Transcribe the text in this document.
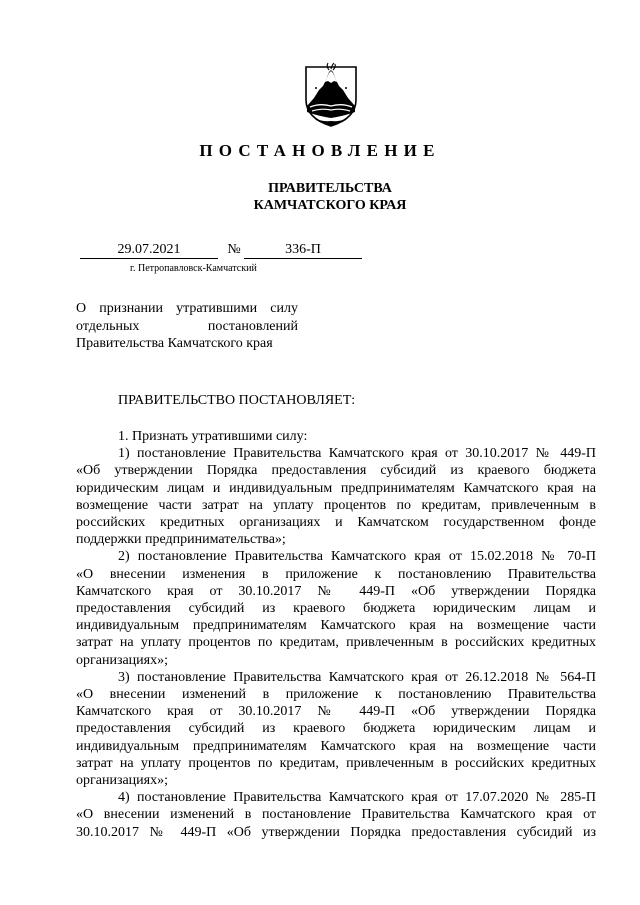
ПОСТАНОВЛЕНИЕ
ПРАВИТЕЛЬСТВА
КАМЧАТСКОГО КРАЯ
29.07.2021	№	336-П
г. Петропавловск-Камчатский
О признании утратившими силу
отдельных постановлений
Правительства Камчатского края
ПРАВИТЕЛЬСТВО ПОСТАНОВЛЯЕТ:
1. Признать утратившими силу:
1) постановление Правительства Камчатского края от 30.10.2017 № 449-П
«Об утверждении Порядка предоставления субсидий из краевого бюджета
юридическим лицам и индивидуальным предпринимателям Камчатского края на
возмещение части затрат на уплату процентов по кредитам, привлеченным в
российских кредитных организациях и Камчатском государственном фонде
поддержки предпринимательства»;
2) постановление Правительства Камчатского края от 15.02.2018 № 70-П
«О внесении изменения в приложение к постановлению Правительства
Камчатского края от 30.10.2017 № 449-П «Об утверждении Порядка
предоставления субсидий из краевого бюджета юридическим лицам и
индивидуальным предпринимателям Камчатского края на возмещение части
затрат на уплату процентов по кредитам, привлеченным в российских кредитных
организациях»;
3) постановление Правительства Камчатского края от 26.12.2018 № 564-П
«О внесении изменений в приложение к постановлению Правительства
Камчатского края от 30.10.2017 № 449-П «Об утверждении Порядка
предоставления субсидий из краевого бюджета юридическим лицам и
индивидуальным предпринимателям Камчатского края на возмещение части
затрат на уплату процентов по кредитам, привлеченным в российских кредитных
организациях»;
4) постановление Правительства Камчатского края от 17.07.2020 № 285-П
«О внесении изменений в постановление Правительства Камчатского края от
30.10.2017 № 449-П «Об утверждении Порядка предоставления субсидий из
